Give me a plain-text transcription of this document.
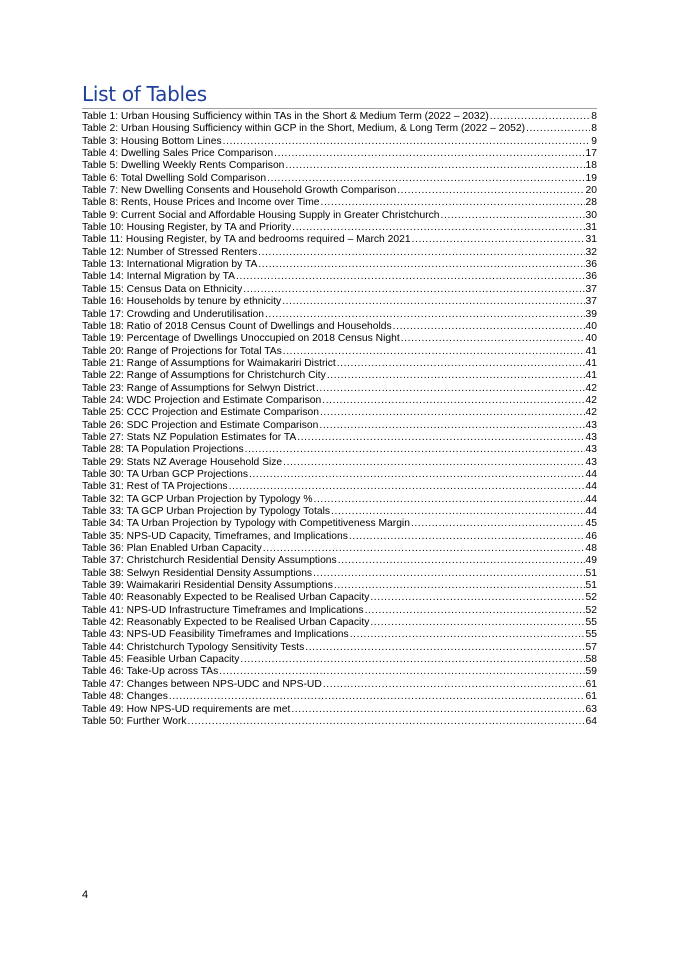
List of Tables
Table 1: Urban Housing Sufficiency within TAs in the Short & Medium Term (2022 – 2032) .....	8
Table 2: Urban Housing Sufficiency within GCP in the Short, Medium, & Long Term (2022 – 2052) .....	8
Table 3: Housing Bottom Lines .....	9
Table 4: Dwelling Sales Price Comparison .....	17
Table 5: Dwelling Weekly Rents Comparison .....	18
Table 6: Total Dwelling Sold Comparison .....	19
Table 7: New Dwelling Consents and Household Growth Comparison .....	20
Table 8: Rents, House Prices and Income over Time .....	28
Table 9: Current Social and Affordable Housing Supply in Greater Christchurch .....	30
Table 10: Housing Register, by TA and Priority .....	31
Table 11: Housing Register, by TA and bedrooms required – March 2021 .....	31
Table 12: Number of Stressed Renters .....	32
Table 13: International Migration by TA .....	36
Table 14: Internal Migration by TA .....	36
Table 15: Census Data on Ethnicity .....	37
Table 16: Households by tenure by ethnicity .....	37
Table 17: Crowding and Underutilisation .....	39
Table 18: Ratio of 2018 Census Count of Dwellings and Households .....	40
Table 19: Percentage of Dwellings Unoccupied on 2018 Census Night .....	40
Table 20: Range of Projections for Total TAs .....	41
Table 21: Range of Assumptions for Waimakariri District .....	41
Table 22: Range of Assumptions for Christchurch City .....	41
Table 23: Range of Assumptions for Selwyn District .....	42
Table 24: WDC Projection and Estimate Comparison .....	42
Table 25: CCC Projection and Estimate Comparison .....	42
Table 26: SDC Projection and Estimate Comparison .....	43
Table 27: Stats NZ Population Estimates for TA .....	43
Table 28: TA Population Projections .....	43
Table 29: Stats NZ Average Household Size .....	43
Table 30: TA Urban GCP Projections .....	44
Table 31: Rest of TA Projections .....	44
Table 32: TA GCP Urban Projection by Typology % .....	44
Table 33: TA GCP Urban Projection by Typology Totals .....	44
Table 34: TA Urban Projection by Typology with Competitiveness Margin .....	45
Table 35: NPS-UD Capacity, Timeframes, and Implications .....	46
Table 36: Plan Enabled Urban Capacity .....	48
Table 37: Christchurch Residential Density Assumptions .....	49
Table 38: Selwyn Residential Density Assumptions .....	51
Table 39: Waimakariri Residential Density Assumptions .....	51
Table 40: Reasonably Expected to be Realised Urban Capacity .....	52
Table 41: NPS-UD Infrastructure Timeframes and Implications .....	52
Table 42: Reasonably Expected to be Realised Urban Capacity .....	55
Table 43: NPS-UD Feasibility Timeframes and Implications .....	55
Table 44: Christchurch Typology Sensitivity Tests .....	57
Table 45: Feasible Urban Capacity .....	58
Table 46: Take-Up across TAs .....	59
Table 47: Changes between NPS-UDC and NPS-UD .....	61
Table 48: Changes .....	61
Table 49: How NPS-UD requirements are met .....	63
Table 50: Further Work .....	64
4
